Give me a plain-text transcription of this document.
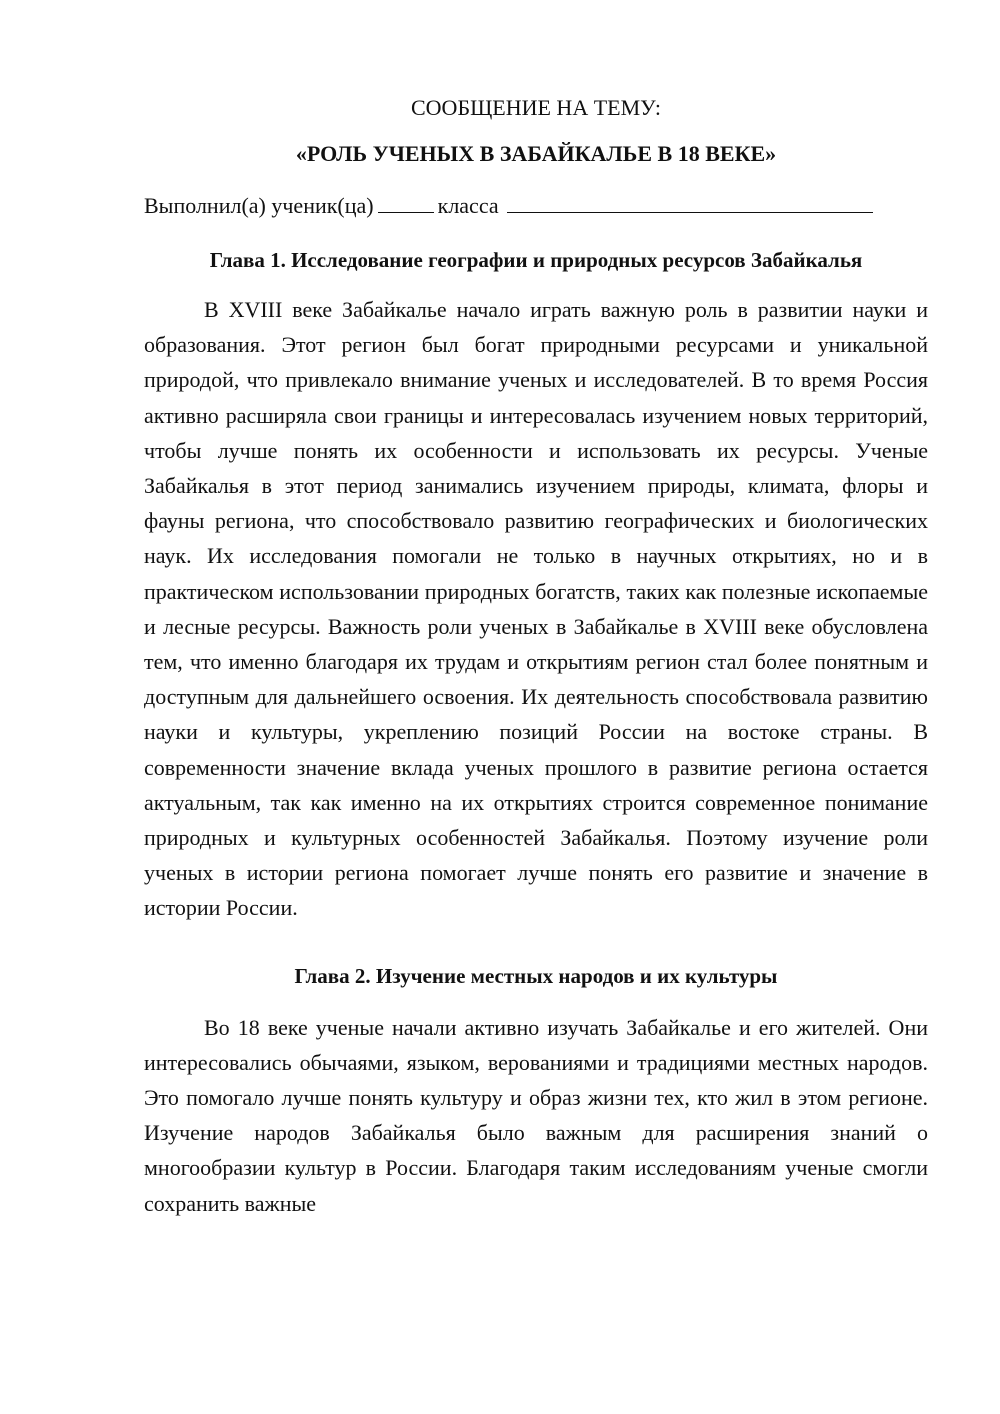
СООБЩЕНИЕ НА ТЕМУ:

«РОЛЬ УЧЕНЫХ В ЗАБАЙКАЛЬЕ В 18 ВЕКЕ»

Выполнил(а) ученик(ца)	класса
Глава 1. Исследование географии и природных ресурсов Забайкалья

В XVIII веке Забайкалье начало играть важную роль в развитии науки и образования. Этот регион был богат природными ресурсами и уникальной природой, что привлекало внимание ученых и исследователей. В то время Россия активно расширяла свои границы и интересовалась изучением новых территорий, чтобы лучше понять их особенности и использовать их ресурсы. Ученые Забайкалья в этот период занимались изучением природы, климата, флоры и фауны региона, что способствовало развитию географических и биологических наук. Их исследования помогали не только в научных открытиях, но и в практическом использовании природных богатств, таких как полезные ископаемые и лесные ресурсы. Важность роли ученых в Забайкалье в XVIII веке обусловлена тем, что именно благодаря их трудам и открытиям регион стал более понятным и доступным для дальнейшего освоения. Их деятельность способствовала развитию науки и культуры, укреплению позиций России на востоке страны. В современности значение вклада ученых прошлого в развитие региона остается актуальным, так как именно на их открытиях строится современное понимание природных и культурных особенностей Забайкалья. Поэтому изучение роли ученых в истории региона помогает лучше понять его развитие и значение в истории России.

Глава 2. Изучение местных народов и их культуры

Во 18 веке ученые начали активно изучать Забайкалье и его жителей. Они интересовались обычаями, языком, верованиями и традициями местных народов. Это помогало лучше понять культуру и образ жизни тех, кто жил в этом регионе. Изучение народов Забайкалья было важным для расширения знаний о многообразии культур в России. Благодаря таким исследованиям ученые смогли сохранить важные
